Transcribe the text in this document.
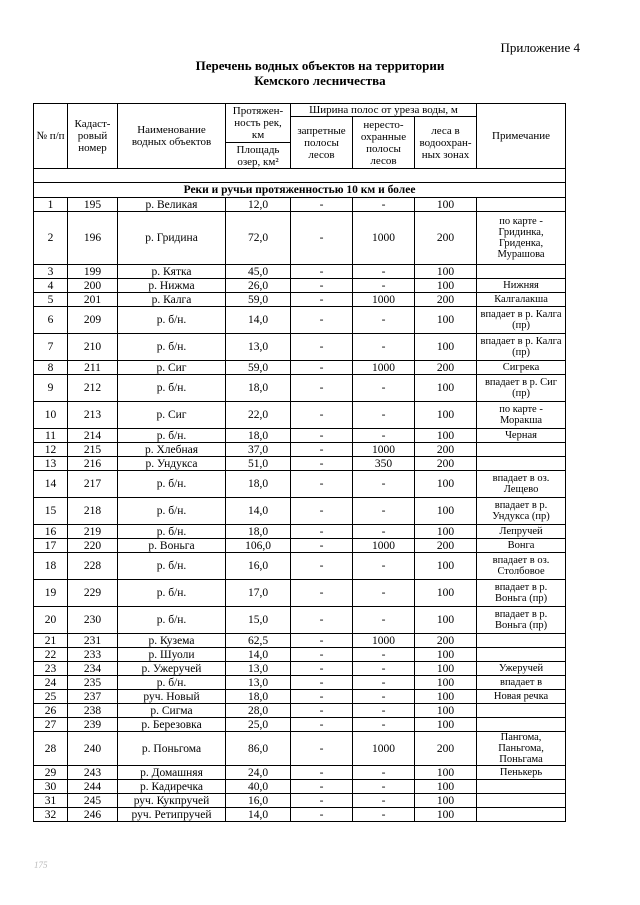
Приложение 4
Перечень водных объектов на территории
Кемского лесничества
№ п/п	Кадаст-ровый номер	Наименование водных объектов	Протяжен-ность рек, км	Ширина полос от уреза воды, м			Примечание
				запретные полосы лесов	нересто-охранные полосы лесов	леса в водоохран-ных зонах	
			Площадь озер, км²				

Реки и ручьи протяженностью 10 км и более							
1	195	р. Великая	12,0	-	-	100	
2	196	р. Гридина	72,0	-	1000	200	по карте - Гридинка, Гриденка, Мурашова
3	199	р. Кятка	45,0	-	-	100	
4	200	р. Нижма	26,0	-	-	100	Нижняя
5	201	р. Калга	59,0	-	1000	200	Калгалакша
6	209	р. б/н.	14,0	-	-	100	впадает в р. Калга (пр)
7	210	р. б/н.	13,0	-	-	100	впадает в р. Калга (пр)
8	211	р. Сиг	59,0	-	1000	200	Сигрека
9	212	р. б/н.	18,0	-	-	100	впадает в р. Сиг (пр)
10	213	р. Сиг	22,0	-	-	100	по карте - Моракша
11	214	р. б/н.	18,0	-	-	100	Черная
12	215	р. Хлебная	37,0	-	1000	200	
13	216	р. Ундукса	51,0	-	350	200	
14	217	р. б/н.	18,0	-	-	100	впадает в оз. Лещево
15	218	р. б/н.	14,0	-	-	100	впадает в р. Ундукса (пр)
16	219	р. б/н.	18,0	-	-	100	Лепручей
17	220	р. Воньга	106,0	-	1000	200	Вонга
18	228	р. б/н.	16,0	-	-	100	впадает в оз. Столбовое
19	229	р. б/н.	17,0	-	-	100	впадает в р. Воньга (пр)
20	230	р. б/н.	15,0	-	-	100	впадает в р. Воньга (пр)
21	231	р. Кузема	62,5	-	1000	200	
22	233	р. Шуоли	14,0	-	-	100	
23	234	р. Ужеручей	13,0	-	-	100	Ужеручей
24	235	р. б/н.	13,0	-	-	100	впадает в
25	237	руч. Новый	18,0	-	-	100	Новая речка
26	238	р. Сигма	28,0	-	-	100	
27	239	р. Березовка	25,0	-	-	100	
28	240	р. Поньгома	86,0	-	1000	200	Пангома, Паньгома, Поньгама
29	243	р. Домашняя	24,0	-	-	100	Пенькерь
30	244	р. Кадиречка	40,0	-	-	100	
31	245	руч. Кукпручей	16,0	-	-	100	
32	246	руч. Ретипручей	14,0	-	-	100	
175
